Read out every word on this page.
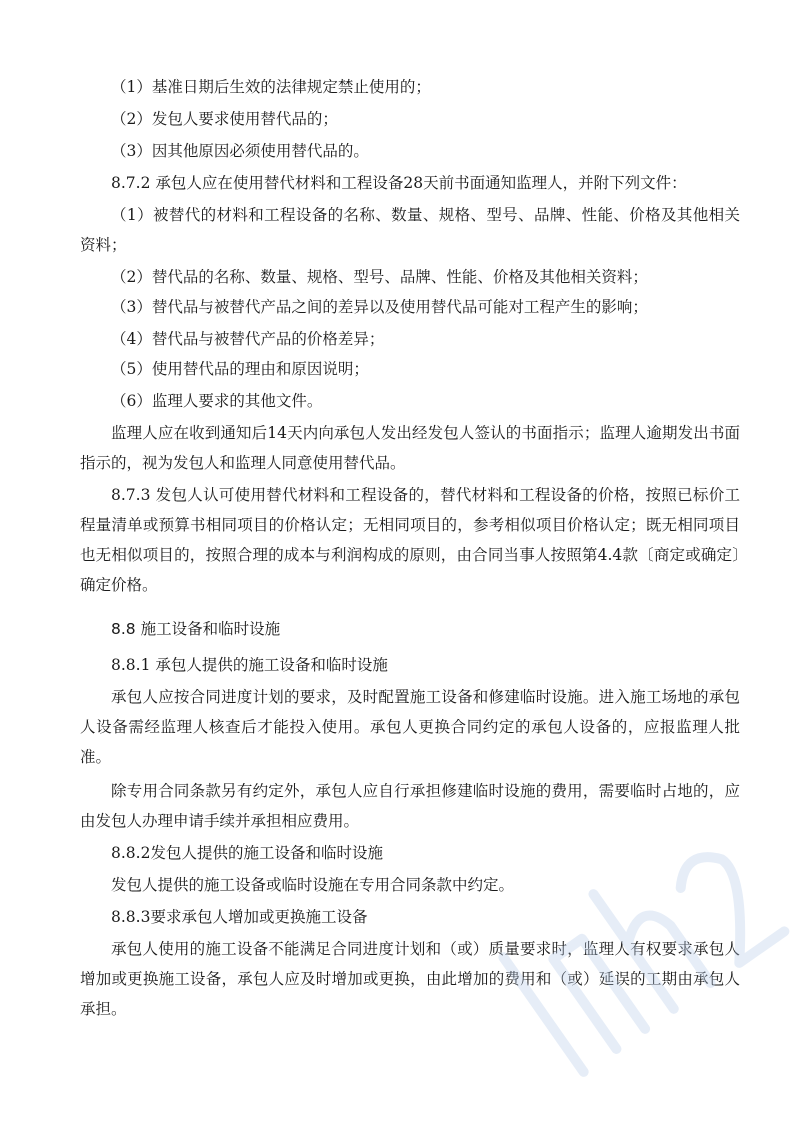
（1）基准日期后生效的法律规定禁止使用的；

（2）发包人要求使用替代品的；

（3）因其他原因必须使用替代品的。

8.7.2 承包人应在使用替代材料和工程设备28天前书面通知监理人，并附下列文件：

（1）被替代的材料和工程设备的名称、数量、规格、型号、品牌、性能、价格及其他相关资料；

（2）替代品的名称、数量、规格、型号、品牌、性能、价格及其他相关资料；

（3）替代品与被替代产品之间的差异以及使用替代品可能对工程产生的影响；

（4）替代品与被替代产品的价格差异；

（5）使用替代品的理由和原因说明；

（6）监理人要求的其他文件。

监理人应在收到通知后14天内向承包人发出经发包人签认的书面指示；监理人逾期发出书面指示的，视为发包人和监理人同意使用替代品。

8.7.3 发包人认可使用替代材料和工程设备的，替代材料和工程设备的价格，按照已标价工程量清单或预算书相同项目的价格认定；无相同项目的，参考相似项目价格认定；既无相同项目也无相似项目的，按照合理的成本与利润构成的原则，由合同当事人按照第4.4款〔商定或确定〕确定价格。

8.8 施工设备和临时设施

8.8.1 承包人提供的施工设备和临时设施

承包人应按合同进度计划的要求，及时配置施工设备和修建临时设施。进入施工场地的承包人设备需经监理人核查后才能投入使用。承包人更换合同约定的承包人设备的，应报监理人批准。

除专用合同条款另有约定外，承包人应自行承担修建临时设施的费用，需要临时占地的，应由发包人办理申请手续并承担相应费用。

8.8.2发包人提供的施工设备和临时设施

发包人提供的施工设备或临时设施在专用合同条款中约定。

8.8.3要求承包人增加或更换施工设备

承包人使用的施工设备不能满足合同进度计划和（或）质量要求时，监理人有权要求承包人增加或更换施工设备，承包人应及时增加或更换，由此增加的费用和（或）延误的工期由承包人承担。
